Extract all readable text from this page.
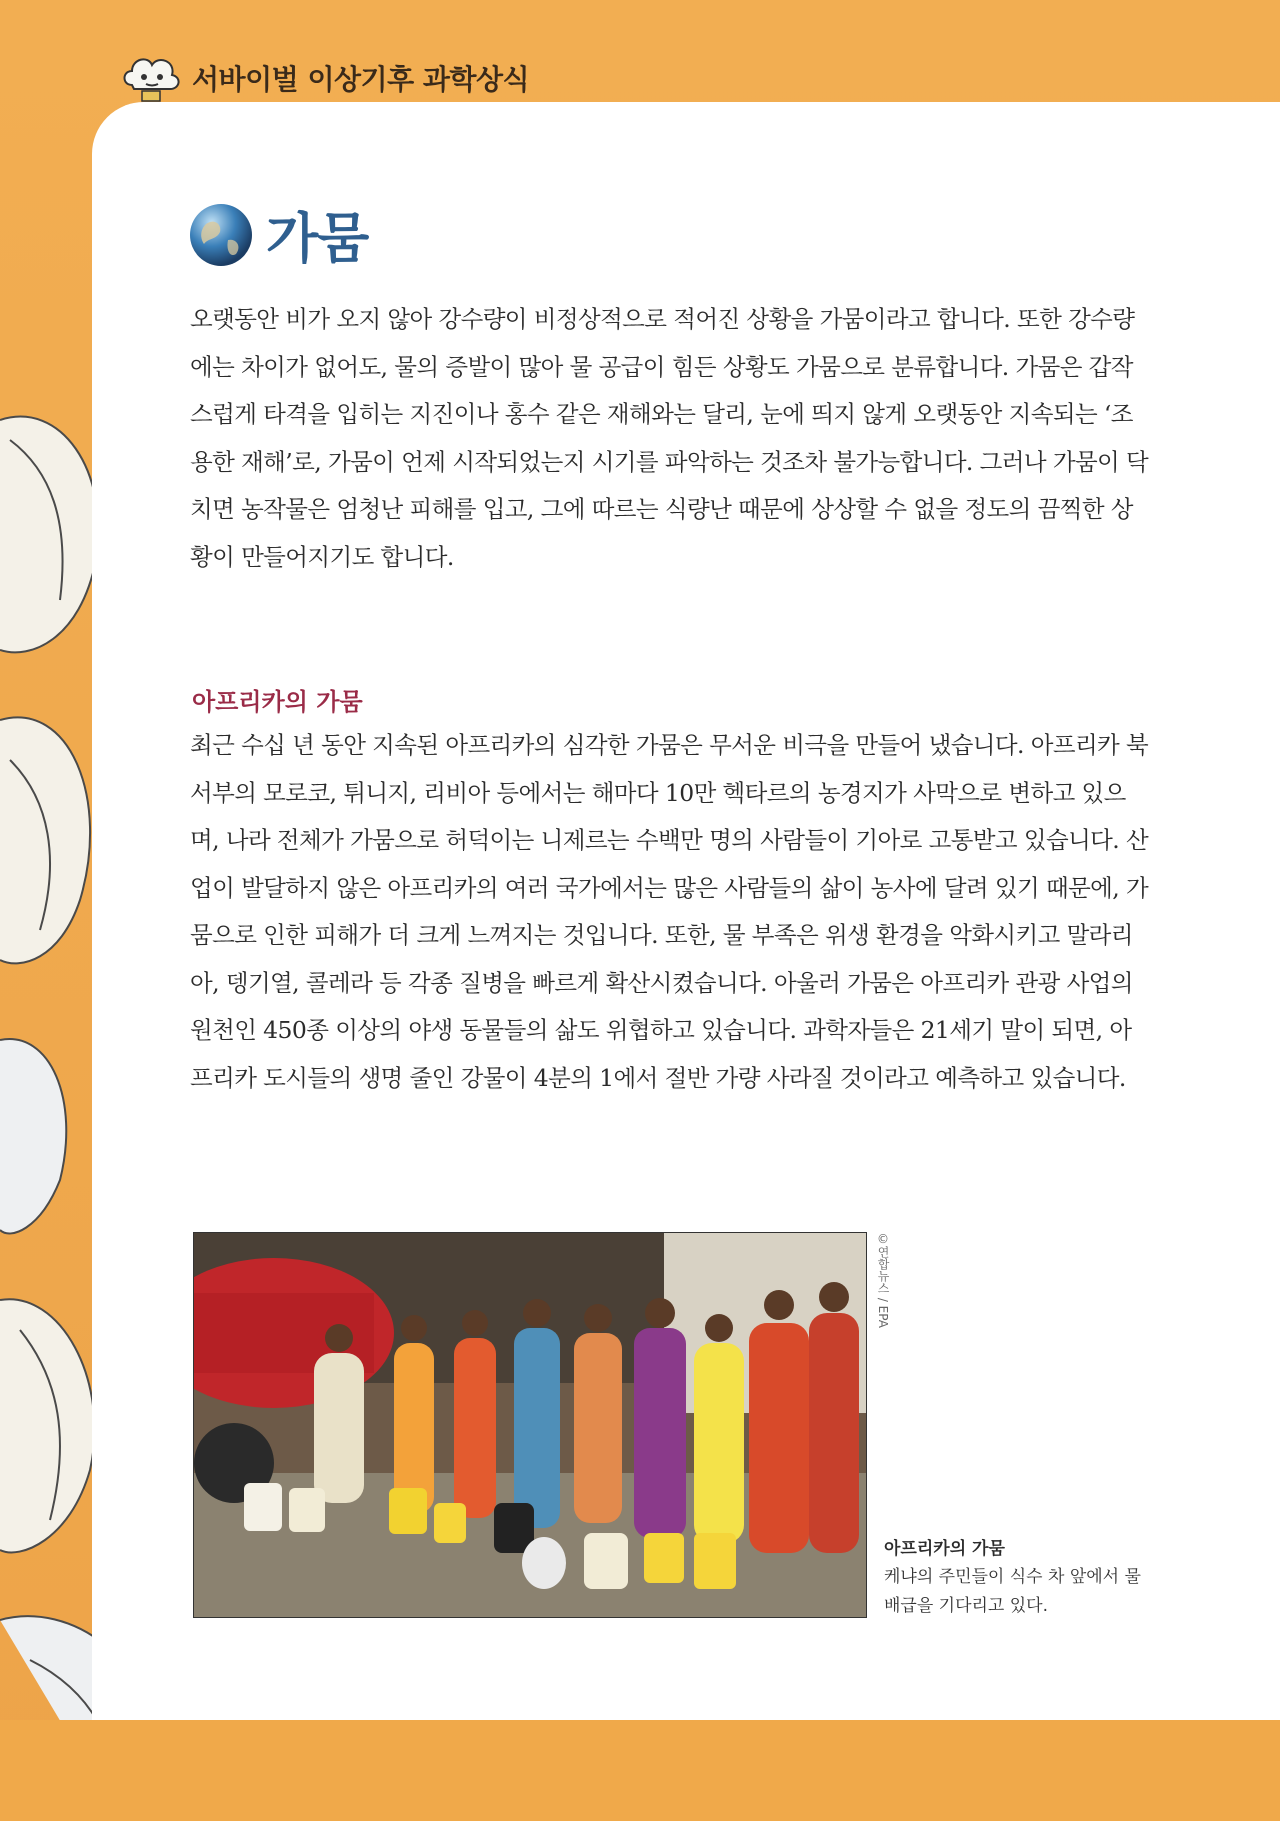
서바이벌 이상기후 과학상식
가뭄

오랫동안 비가 오지 않아 강수량이 비정상적으로 적어진 상황을 가뭄이라고 합니다. 또한 강수량에는 차이가 없어도, 물의 증발이 많아 물 공급이 힘든 상황도 가뭄으로 분류합니다. 가뭄은 갑작스럽게 타격을 입히는 지진이나 홍수 같은 재해와는 달리, 눈에 띄지 않게 오랫동안 지속되는 ‘조용한 재해’로, 가뭄이 언제 시작되었는지 시기를 파악하는 것조차 불가능합니다. 그러나 가뭄이 닥치면 농작물은 엄청난 피해를 입고, 그에 따르는 식량난 때문에 상상할 수 없을 정도의 끔찍한 상황이 만들어지기도 합니다.

아프리카의 가뭄

최근 수십 년 동안 지속된 아프리카의 심각한 가뭄은 무서운 비극을 만들어 냈습니다. 아프리카 북서부의 모로코, 튀니지, 리비아 등에서는 해마다 10만 헥타르의 농경지가 사막으로 변하고 있으며, 나라 전체가 가뭄으로 허덕이는 니제르는 수백만 명의 사람들이 기아로 고통받고 있습니다. 산업이 발달하지 않은 아프리카의 여러 국가에서는 많은 사람들의 삶이 농사에 달려 있기 때문에, 가뭄으로 인한 피해가 더 크게 느껴지는 것입니다. 또한, 물 부족은 위생 환경을 악화시키고 말라리아, 뎅기열, 콜레라 등 각종 질병을 빠르게 확산시켰습니다. 아울러 가뭄은 아프리카 관광 사업의 원천인 450종 이상의 야생 동물들의 삶도 위협하고 있습니다. 과학자들은 21세기 말이 되면, 아프리카 도시들의 생명 줄인 강물이 4분의 1에서 절반 가량 사라질 것이라고 예측하고 있습니다.

©연합뉴스 / EPA
아프리카의 가뭄

케냐의 주민들이 식수 차 앞에서 물 배급을 기다리고 있다.
